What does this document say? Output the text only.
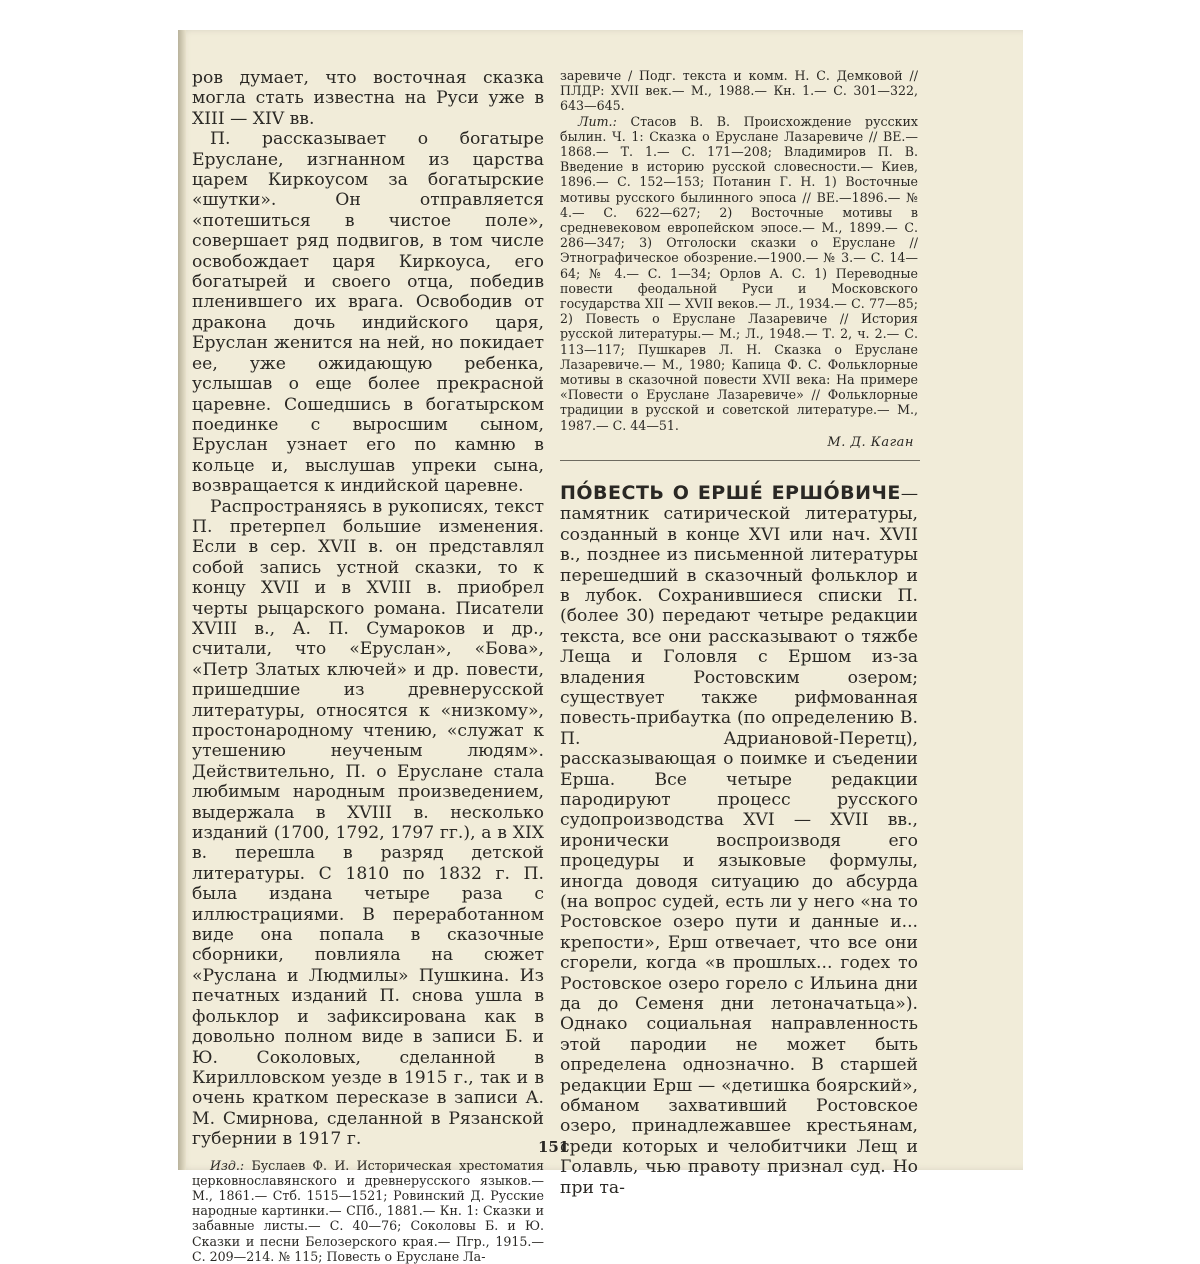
ров думает, что восточная сказка могла стать известна на Руси уже в XIII — XIV вв.

П. рассказывает о богатыре Еруслане, изгнанном из царства царем Киркоусом за богатырские «шутки». Он отправляется «потешиться в чистое поле», совершает ряд подвигов, в том числе освобождает царя Киркоуса, его богатырей и своего отца, победив пленившего их врага. Освободив от дракона дочь индийского царя, Еруслан женится на ней, но покидает ее, уже ожидающую ребенка, услышав о еще более прекрасной царевне. Сошедшись в богатырском поединке с выросшим сыном, Еруслан узнает его по камню в кольце и, выслушав упреки сына, возвращается к индийской царевне.

Распространяясь в рукописях, текст П. претерпел большие изменения. Если в сер. XVII в. он представлял собой запись устной сказки, то к концу XVII и в XVIII в. приобрел черты рыцарского романа. Писатели XVIII в., А. П. Сумароков и др., считали, что «Еруслан», «Бова», «Петр Златых ключей» и др. повести, пришедшие из древнерусской литературы, относятся к «низкому», простонародному чтению, «служат к утешению неученым людям». Действительно, П. о Еруслане стала любимым народным произведением, выдержала в XVIII в. несколько изданий (1700, 1792, 1797 гг.), а в XIX в. перешла в разряд детской литературы. С 1810 по 1832 г. П. была издана четыре раза с иллюстрациями. В переработанном виде она попала в сказочные сборники, повлияла на сюжет «Руслана и Людмилы» Пушкина. Из печатных изданий П. снова ушла в фольклор и зафиксирована как в довольно полном виде в записи Б. и Ю. Соколовых, сделанной в Кирилловском уезде в 1915 г., так и в очень кратком пересказе в записи А. М. Смирнова, сделанной в Рязанской губернии в 1917 г.

Изд.: Буслаев Ф. И. Историческая хрестоматия церковнославянского и древнерусского языков.— М., 1861.— Стб. 1515—1521; Ровинский Д. Русские народные картинки.— СПб., 1881.— Кн. 1: Сказки и забавные листы.— С. 40—76; Соколовы Б. и Ю. Сказки и песни Белозерского края.— Пгр., 1915.— С. 209—214. № 115; Повесть о Еруслане Ла-

заревиче / Подг. текста и комм. Н. С. Демковой // ПЛДР: XVII век.— М., 1988.— Кн. 1.— С. 301—322, 643—645.

Лит.: Стасов В. В. Происхождение русских былин. Ч. 1: Сказка о Еруслане Лазаревиче // ВЕ.—1868.— Т. 1.— С. 171—208; Владимиров П. В. Введение в историю русской словесности.— Киев, 1896.— С. 152—153; Потанин Г. Н. 1) Восточные мотивы русского былинного эпоса // ВЕ.—1896.— № 4.— С. 622—627; 2) Восточные мотивы в средневековом европейском эпосе.— М., 1899.— С. 286—347; 3) Отголоски сказки о Еруслане // Этнографическое обозрение.—1900.— № 3.— С. 14—64; № 4.— С. 1—34; Орлов А. С. 1) Переводные повести феодальной Руси и Московского государства XII — XVII веков.— Л., 1934.— С. 77—85; 2) Повесть о Еруслане Лазаревиче // История русской литературы.— М.; Л., 1948.— Т. 2, ч. 2.— С. 113—117; Пушкарев Л. Н. Сказка о Еруслане Лазаревиче.— М., 1980; Капица Ф. С. Фольклорные мотивы в сказочной повести XVII века: На примере «Повести о Еруслане Лазаревиче» // Фольклорные традиции в русской и советской литературе.— М., 1987.— С. 44—51.

М. Д. Каган

ПО́ВЕСТЬ О ЕРШЕ́ ЕРШО́ВИЧЕ— памятник сатирической литературы, созданный в конце XVI или нач. XVII в., позднее из письменной литературы перешедший в сказочный фольклор и в лубок. Сохранившиеся списки П. (более 30) передают четыре редакции текста, все они рассказывают о тяжбе Леща и Головля с Ершом из-за владения Ростовским озером; существует также рифмованная повесть-прибаутка (по определению В. П. Адриановой-Перетц), рассказывающая о поимке и съедении Ерша. Все четыре редакции пародируют процесс русского судопроизводства XVI — XVII вв., иронически воспроизводя его процедуры и языковые формулы, иногда доводя ситуацию до абсурда (на вопрос судей, есть ли у него «на то Ростовское озеро пути и данные и... крепости», Ерш отвечает, что все они сгорели, когда «в прошлых... годех то Ростовское озеро горело с Ильина дни да до Семеня дни летоначатьца»). Однако социальная направленность этой пародии не может быть определена однозначно. В старшей редакции Ерш — «детишка боярский», обманом захвативший Ростовское озеро, принадлежавшее крестьянам, среди которых и челобитчики Лещ и Голавль, чью правоту признал суд. Но при та-

151
